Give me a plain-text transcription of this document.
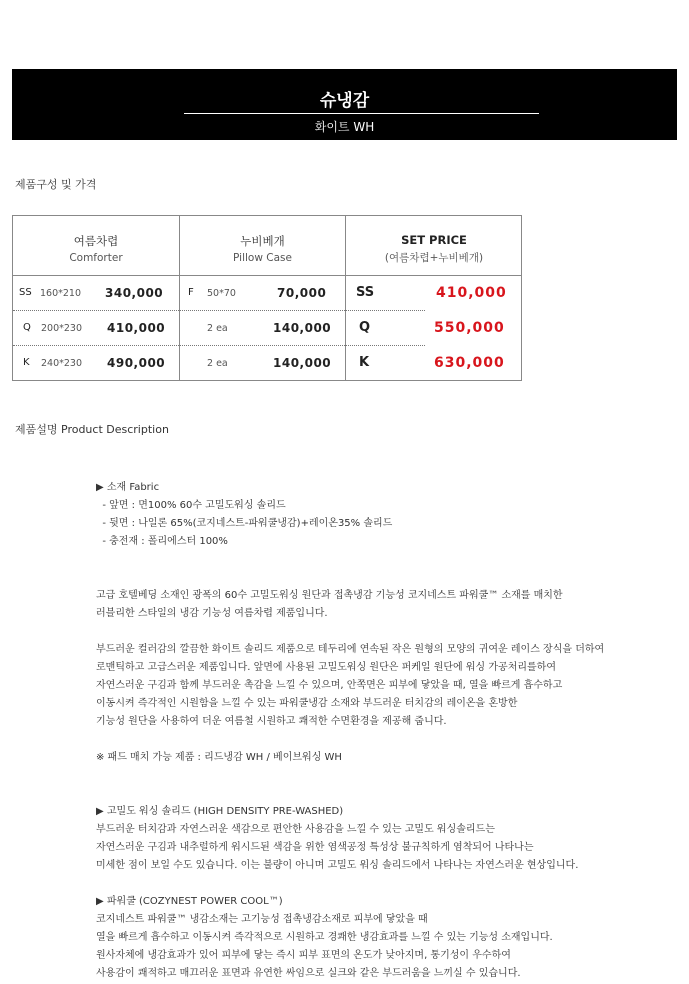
슈냉감
화이트 WH
제품구성 및 가격
여름차렵
Comforter
누비베개
Pillow Case
SET PRICE
(여름차렵+누비베개)
SS 160*210 340,000 F 50*70	70,000 SS	410,000
Q 200*230 410,000	2 ea	140,000 Q	550,000
K 240*230 490,000	2 ea	140,000 K	630,000
제품설명 Product Description
▶ 소재 Fabric
- 앞면 : 면100% 60수 고밀도워싱 솔리드
- 뒷면 : 나일론 65%(코지네스트-파워쿨냉감)+레이온35% 솔리드
- 충전재 : 폴리에스터 100%
고급 호텔베딩 소재인 광폭의 60수 고밀도워싱 원단과 접촉냉감 기능성 코지네스트 파워쿨™ 소재를 매치한
러블리한 스타일의 냉감 기능성 여름차렵 제품입니다.
부드러운 컬러감의 깔끔한 화이트 솔리드 제품으로 테두리에 연속된 작은 원형의 모양의 귀여운 레이스 장식을 더하여
로맨틱하고 고급스러운 제품입니다. 앞면에 사용된 고밀도워싱 원단은 퍼케일 원단에 워싱 가공처리를하여
자연스러운 구김과 함께 부드러운 촉감을 느낄 수 있으며, 안쪽면은 피부에 닿았을 때, 열을 빠르게 흡수하고
이동시켜 즉각적인 시원함을 느낄 수 있는 파워쿨냉감 소재와 부드러운 터치감의 레이온을 혼방한
기능성 원단을 사용하여 더운 여름철 시원하고 쾌적한 수면환경을 제공해 줍니다.
※ 패드 매치 가능 제품 : 리드냉감 WH / 베이브워싱 WH
▶ 고밀도 워싱 솔리드 (HIGH DENSITY PRE-WASHED)
부드러운 터치감과 자연스러운 색감으로 편안한 사용감을 느낄 수 있는 고밀도 워싱솔리드는
자연스러운 구김과 내추럴하게 워시드된 색감을 위한 염색공정 특성상 불규칙하게 염착되어 나타나는
미세한 점이 보일 수도 있습니다. 이는 불량이 아니며 고밀도 워싱 솔리드에서 나타나는 자연스러운 현상입니다.
▶ 파워쿨 (COZYNEST POWER COOL™)
코지네스트 파워쿨™ 냉감소재는 고기능성 접촉냉감소재로 피부에 닿았을 때
열을 빠르게 흡수하고 이동시켜 즉각적으로 시원하고 경쾌한 냉감효과를 느낄 수 있는 기능성 소재입니다.
원사자체에 냉감효과가 있어 피부에 닿는 즉시 피부 표면의 온도가 낮아지며, 통기성이 우수하여
사용감이 쾌적하고 매끄러운 표면과 유연한 싸임으로 실크와 같은 부드러움을 느끼실 수 있습니다.
